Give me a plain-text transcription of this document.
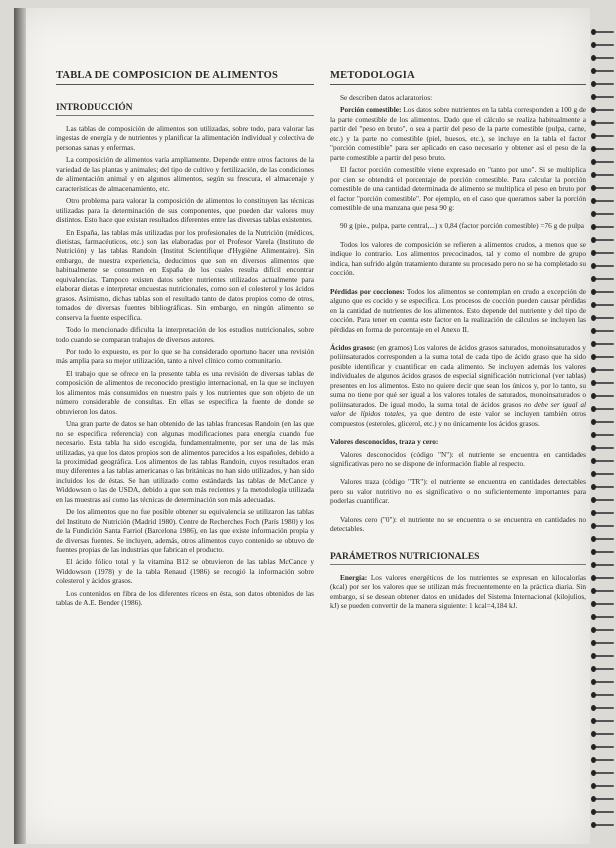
TABLA DE COMPOSICIÓN DE ALIMENTOS
INTRODUCCIÓN

Las tablas de composición de alimentos son utilizadas, sobre todo, para valorar las ingestas de energía y de nutrientes y planificar la alimentación individual y colectiva de personas sanas y enfermas.

La composición de alimentos varía ampliamente. Depende entre otros factores de la variedad de las plantas y animales; del tipo de cultivo y fertilización, de las condiciones de alimentación animal y en algunos alimentos, según su frescura, el almacenaje y características de almacenamiento, etc.

Otro problema para valorar la composición de alimentos lo constituyen las técnicas utilizadas para la determinación de sus componentes, que pueden dar valores muy distintos. Esto hace que existan resultados diferentes entre las diversas tablas existentes.

En España, las tablas más utilizadas por los profesionales de la Nutrición (médicos, dietistas, farmacéuticos, etc.) son las elaboradas por el Profesor Varela (Instituto de Nutrición) y las tablas Randoin (Institut Scientifique d'Hygiène Alimentaire). Sin embargo, de nuestra experiencia, deducimos que son en diversos alimentos que habitualmente se consumen en España de los cuales resulta difícil encontrar equivalencias. Tampoco existen datos sobre nutrientes utilizados actualmente para elaborar dietas e interpretar encuestas nutricionales, como son el colesterol y los ácidos grasos. Asimismo, dichas tablas son el resultado tanto de datos propios como de otros, tomados de diversas fuentes bibliográficas. Sin embargo, en ningún alimento se conserva la fuente específica.

Todo lo mencionado dificulta la interpretación de los estudios nutricionales, sobre todo cuando se comparan trabajos de diversos autores.

Por todo lo expuesto, es por lo que se ha considerado oportuno hacer una revisión más amplia para su mejor utilización, tanto a nivel clínico como comunitario.

El trabajo que se ofrece en la presente tabla es una revisión de diversas tablas de composición de alimentos de reconocido prestigio internacional, en la que se incluyen los alimentos más consumidos en nuestro país y los nutrientes que son objeto de un número considerable de consultas. En ellas se especifica la fuente de donde se obtuvieron los datos.

Una gran parte de datos se han obtenido de las tablas francesas Randoin (en las que no se especifica referencia) con algunas modificaciones para energía cuando fue necesario. Esta tabla ha sido escogida, fundamentalmente, por ser una de las más utilizadas, ya que los datos propios son de alimentos parecidos a los españoles, debido a la proximidad geográfica. Los alimentos de las tablas Randoin, cuyos resultados eran muy diferentes a las tablas americanas o las británicas no han sido utilizados, y han sido incluidos los de éstas. Se han utilizado como estándards las tablas de McCance y Widdowson o las de USDA, debido a que son más recientes y la metodología utilizada en las muestras así como las técnicas de determinación son más adecuadas.

De los alimentos que no fue posible obtener su equivalencia se utilizaron las tablas del Instituto de Nutrición (Madrid 1980). Centre de Recherches Foch (París 1980) y los de la Fundición Santa Farriol (Barcelona 1986), en las que existe información propia y de diversas fuentes. Se incluyen, además, otros alimentos cuyo contenido se obtuvo de fuentes propias de las industrias que fabrican el producto.

El ácido fólico total y la vitamina B12 se obtuvieron de las tablas McCance y Widdowson (1978) y de la tabla Renaud (1986) se recogió la información sobre colesterol y ácidos grasos.

Los contenidos en fibra de los diferentes ríceos en ésta, son datos obtenidos de las tablas de A.E. Bender (1986).

METODOLOGÍA

Se describen datos aclaratorios:

Porción comestible: Los datos sobre nutrientes en la tabla corresponden a 100 g de la parte comestible de los alimentos. Dado que el cálculo se realiza habitualmente a partir del "peso en bruto", o sea a partir del peso de la parte comestible (pulpa, carne, etc.) y la parte no comestible (piel, huesos, etc.), se incluye en la tabla el factor "porción comestible" para ser aplicado en caso necesario y obtener así el peso de la parte comestible a partir del peso bruto.

El factor porción comestible viene expresado en "tanto por uno". Si se multiplica por cien se obtendrá el porcentaje de porción comestible. Para calcular la porción comestible de una cantidad determinada de alimento se multiplica el peso en bruto por el factor "porción comestible". Por ejemplo, en el caso que queramos saber la porción comestible de una manzana que pesa 90 g:

90 g (pie., pulpa, parte central,...) x 0,84 (factor porción comestible) =76 g de pulpa

Todos los valores de composición se refieren a alimentos crudos, a menos que se indique lo contrario. Los alimentos precocinados, tal y como el nombre de grupo indica, han sufrido algún tratamiento durante su procesado pero no se ha completado su cocción.

Pérdidas por cocciones: Todos los alimentos se contemplan en crudo a excepción de alguno que es cocido y se especifica. Los procesos de cocción pueden causar pérdidas en la cantidad de nutrientes de los alimentos. Esto depende del nutriente y del tipo de cocción. Para tener en cuenta este factor en la realización de cálculos se incluyen las pérdidas en forma de porcentaje en el Anexo II.

Ácidos grasos: (en gramos) Los valores de ácidos grasos saturados, monoinsaturados y poliinsaturados corresponden a la suma total de cada tipo de ácido graso que ha sido posible identificar y cuantificar en cada alimento. Se incluyen además los valores individuales de algunos ácidos grasos de especial significación nutricional (ver tablas) presentes en los alimentos. Esto no quiere decir que sean los únicos y, por lo tanto, su suma no tiene por qué ser igual a los valores totales de saturados, monoinsaturados o poliinsaturados. De igual modo, la suma total de ácidos grasos no debe ser igual al valor de lípidos totales, ya que dentro de este valor se incluyen también otros compuestos (esteroles, glicerol, etc.) y no únicamente los ácidos grasos.

Valores desconocidos, traza y cero:

Valores desconocidos (código "N"): el nutriente se encuentra en cantidades significativas pero no se dispone de información fiable al respecto.

Valores traza (código "TR"): el nutriente se encuentra en cantidades detectables pero su valor nutritivo no es significativo o no suficientemente importantes para poderlas cuantificar.

Valores cero ("0"): el nutriente no se encuentra o se encuentra en cantidades no detectables.

PARÁMETROS NUTRICIONALES

Energía: Los valores energéticos de los nutrientes se expresan en kilocalorías (kcal) por ser los valores que se utilizan más frecuentemente en la práctica diaria. Sin embargo, si se desean obtener datos en unidades del Sistema Internacional (kilojulios, kJ) se pueden convertir de la manera siguiente: 1 kcal=4,184 kJ.
